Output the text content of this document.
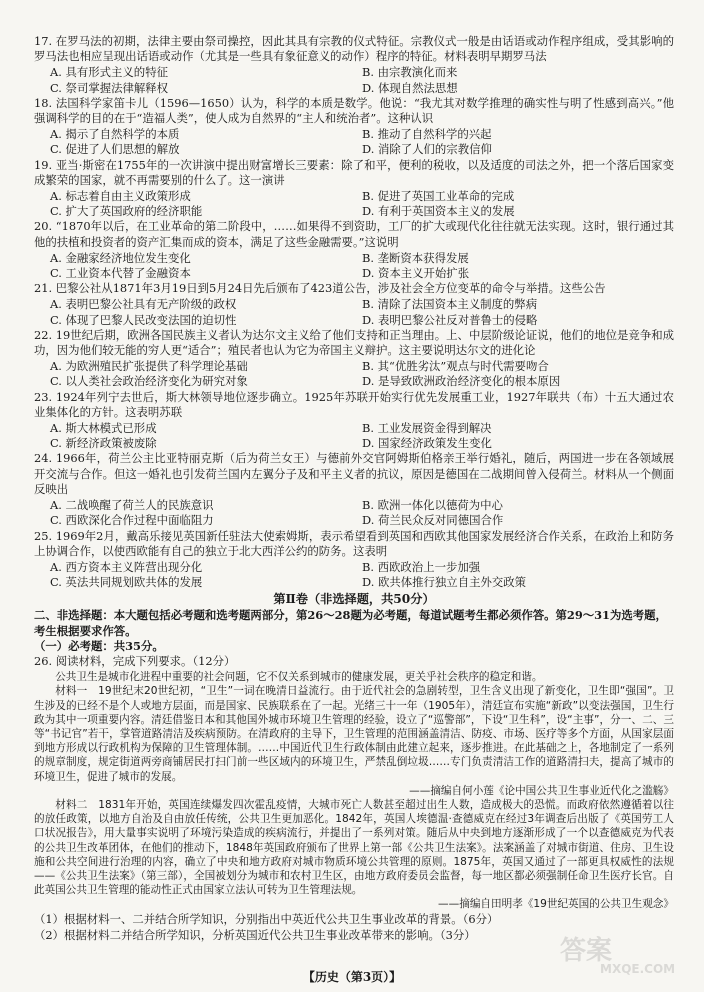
17. 在罗马法的初期，法律主要由祭司操控，因此其具有宗教的仪式特征。宗教仪式一般是由话语或动作程序组成，受其影响的罗马法也相应呈现出话语或动作（尤其是一些具有象征意义的动作）程序的特征。材料表明早期罗马法

A. 具有形式主义的特征	B. 由宗教演化而来
C. 祭司掌握法律解释权	D. 体现自然法思想

18. 法国科学家笛卡儿（1596—1650）认为，科学的本质是数学。他说：“我尤其对数学推理的确实性与明了性感到高兴。”他强调科学的目的在于“造福人类”，使人成为自然界的“主人和统治者”。这种认识

A. 揭示了自然科学的本质	B. 推动了自然科学的兴起
C. 促进了人们思想的解放	D. 消除了人们的宗教信仰

19. 亚当·斯密在1755年的一次讲演中提出财富增长三要素：除了和平，便利的税收，以及适度的司法之外，把一个落后国家变成繁荣的国家，就不再需要别的什么了。这一演讲

A. 标志着自由主义政策形成	B. 促进了英国工业革命的完成
C. 扩大了英国政府的经济职能	D. 有利于英国资本主义的发展

20. “1870年以后，在工业革命的第二阶段中，……如果得不到资助，工厂的扩大或现代化往往就无法实现。这时，银行通过其他的扶植和投资者的资产汇集而成的资本，满足了这些金融需要。”这说明

A. 金融家经济地位发生变化	B. 垄断资本获得发展
C. 工业资本代替了金融资本	D. 资本主义开始扩张

21. 巴黎公社从1871年3月19日到5月24日先后颁布了423道公告，涉及社会全方位变革的命令与举措。这些公告

A. 表明巴黎公社具有无产阶级的政权	B. 清除了法国资本主义制度的弊病
C. 体现了巴黎人民改变法国的迫切性	D. 表明巴黎公社反对普鲁士的侵略

22. 19世纪后期，欧洲各国民族主义者认为达尔文主义给了他们支持和正当理由。上、中层阶级论证说，他们的地位是竞争和成功，因为他们较无能的穷人更“适合”；殖民者也认为它为帝国主义辩护。这主要说明达尔文的进化论

A. 为欧洲殖民扩张提供了科学理论基础	B. 其“优胜劣汰”观点与时代需要吻合
C. 以人类社会政治经济变化为研究对象	D. 是导致欧洲政治经济变化的根本原因

23. 1924年列宁去世后，斯大林领导地位逐步确立。1925年苏联开始实行优先发展重工业，1927年联共（布）十五大通过农业集体化的方针。这表明苏联

A. 斯大林模式已形成	B. 工业发展资金得到解决
C. 新经济政策被废除	D. 国家经济政策发生变化

24. 1966年，荷兰公主比亚特丽克斯（后为荷兰女王）与德前外交官阿姆斯伯格亲王举行婚礼，随后，两国进一步在各领域展开交流与合作。但这一婚礼也引发荷兰国内左翼分子及和平主义者的抗议，原因是德国在二战期间曾入侵荷兰。材料从一个侧面反映出

A. 二战唤醒了荷兰人的民族意识	B. 欧洲一体化以德荷为中心
C. 西欧深化合作过程中面临阻力	D. 荷兰民众反对同德国合作

25. 1969年2月，戴高乐接见英国新任驻法大使索姆斯，表示希望看到英国和西欧其他国家发展经济合作关系，在政治上和防务上协调合作，以使西欧能有自己的独立于北大西洋公约的防务。这表明

A. 西方资本主义阵营出现分化	B. 西欧政治上一步加强
C. 英法共同规划欧共体的发展	D. 欧共体推行独立自主外交政策

第Ⅱ卷（非选择题，共50分）

二、非选择题：本大题包括必考题和选考题两部分，第26～28题为必考题，每道试题考生都必须作答。第29～31为选考题，考生根据要求作答。

（一）必考题：共35分。

26. 阅读材料，完成下列要求。（12分）

公共卫生是城市化进程中重要的社会问题，它不仅关系到城市的健康发展，更关乎社会秩序的稳定和谐。

材料一　19世纪末20世纪初，“卫生”一词在晚清日益流行。由于近代社会的急剧转型，卫生含义出现了新变化，卫生即“强国”。卫生涉及的已经不是个人或地方层面，而是国家、民族联系在了一起。光绪三十一年（1905年），清廷宣布实施“新政”以变法强国，卫生行政为其中一项重要内容。清廷借鉴日本和其他国外城市环境卫生管理的经验，设立了“巡警部”，下设“卫生科”，设“主事”，分一、二、三等“书记官”若干，掌管道路清洁及疾病预防。在清政府的主导下，卫生管理的范围涵盖清洁、防疫、市场、医疗等多个方面，从国家层面到地方形成以行政机构为保障的卫生管理体制。……中国近代卫生行政体制由此建立起来，逐步推进。在此基础之上，各地制定了一系列的规章制度，规定街道两旁商铺居民打扫门前一些区域内的环境卫生，严禁乱倒垃圾……专门负责清洁工作的道路清扫夫，提高了城市的环境卫生，促进了城市的发展。

——摘编自何小莲《论中国公共卫生事业近代化之滥觞》

材料二　1831年开始，英国连续爆发四次霍乱疫情，大城市死亡人数甚至超过出生人数，造成极大的恐慌。而政府依然遵循着以往的放任政策，以地方自治及自由放任传统，公共卫生更加恶化。1842年，英国人埃德温·查德威克在经过3年调查后出版了《英国劳工人口状况报告》，用大量事实说明了环境污染造成的疾病流行，并提出了一系列对策。随后从中央到地方逐渐形成了一个以查德威克为代表的公共卫生改革团体，在他们的推动下，1848年英国政府颁布了世界上第一部《公共卫生法案》。法案涵盖了对城市街道、住房、卫生设施和公共空间进行治理的内容，确立了中央和地方政府对城市物质环境公共管理的原则。1875年，英国又通过了一部更具权威性的法规——《公共卫生法案》（第三部），全国被划分为城市和农村卫生区，由地方政府委员会监督，每一地区都必须强制任命卫生医疗长官。自此英国公共卫生管理的能动性正式由国家立法认可转为卫生管理法规。

——摘编自田明孝《19世纪英国的公共卫生观念》

（1）根据材料一、二并结合所学知识，分别指出中英近代公共卫生事业改革的背景。（6分）

（2）根据材料二并结合所学知识，分析英国近代公共卫生事业改革带来的影响。（3分）

【历史（第3页）】
答案
MXQE.COM
